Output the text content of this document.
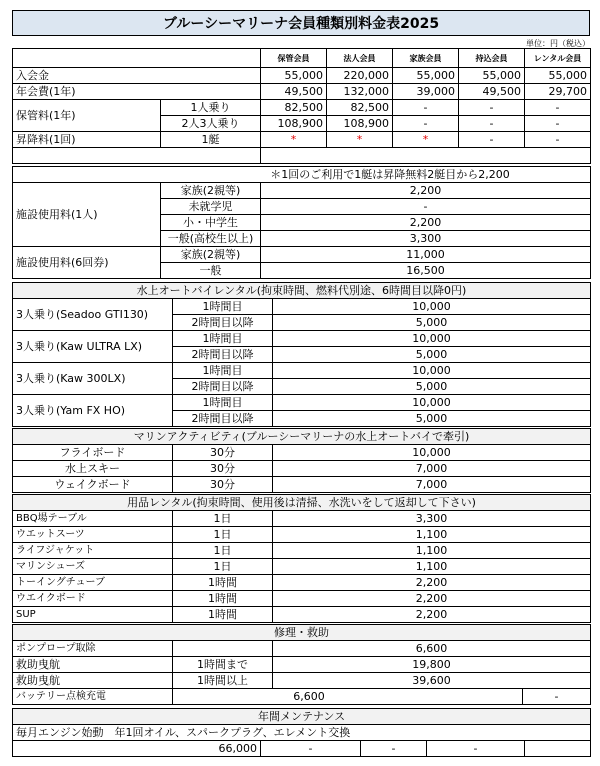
ブルーシーマリーナ会員種類別料金表2025
単位：円（税込）
		保管会員	法人会員	家族会員	持込会員	レンタル会員
入会金		55,000	220,000	55,000	55,000	55,000
年会費(1年)		49,500	132,000	39,000	49,500	29,700
保管料(1年)	1人乗り	82,500	82,500	-	-	-
	2人3人乗り	108,900	108,900	-	-	-
昇降料(1回)	1艇	*	*	*	-	-

＊1回のご利用で1艇は昇降無料2艇目から2,200		
施設使用料(1人)	家族(2親等)	2,200
	未就学児	-
	小・中学生	2,200
	一般(高校生以上)	3,300
施設使用料(6回券)	家族(2親等)	11,000
	一般	16,500
水上オートバイレンタル(拘束時間、燃料代別途、6時間目以降0円)		
3人乗り(Seadoo GTI130)	1時間目	10,000
	2時間目以降	5,000
3人乗り(Kaw ULTRA LX)	1時間目	10,000
	2時間目以降	5,000
3人乗り(Kaw 300LX)	1時間目	10,000
	2時間目以降	5,000
3人乗り(Yam FX HO)	1時間目	10,000
	2時間目以降	5,000
マリンアクティビティ(ブルーシーマリーナの水上オートバイで牽引)		
フライボード	30分	10,000
水上スキー	30分	7,000
ウェイクボード	30分	7,000
用品レンタル(拘束時間、使用後は清掃、水洗いをして返却して下さい)		
BBQ場テーブル	1日	3,300
ウエットスーツ	1日	1,100
ライフジャケット	1日	1,100
マリンシューズ	1日	1,100
トーイングチューブ	1時間	2,200
ウエイクボード	1時間	2,200
SUP	1時間	2,200
修理・救助			
ポンプロープ取除		6,600	
救助曳航	1時間まで	19,800	
救助曳航	1時間以上	39,600	
バッテリー点検充電	6,600		-
年間メンテナンス
毎月エンジン始動　年1回オイル、スパークプラグ、エレメント交換
66,000	-	-	-	
